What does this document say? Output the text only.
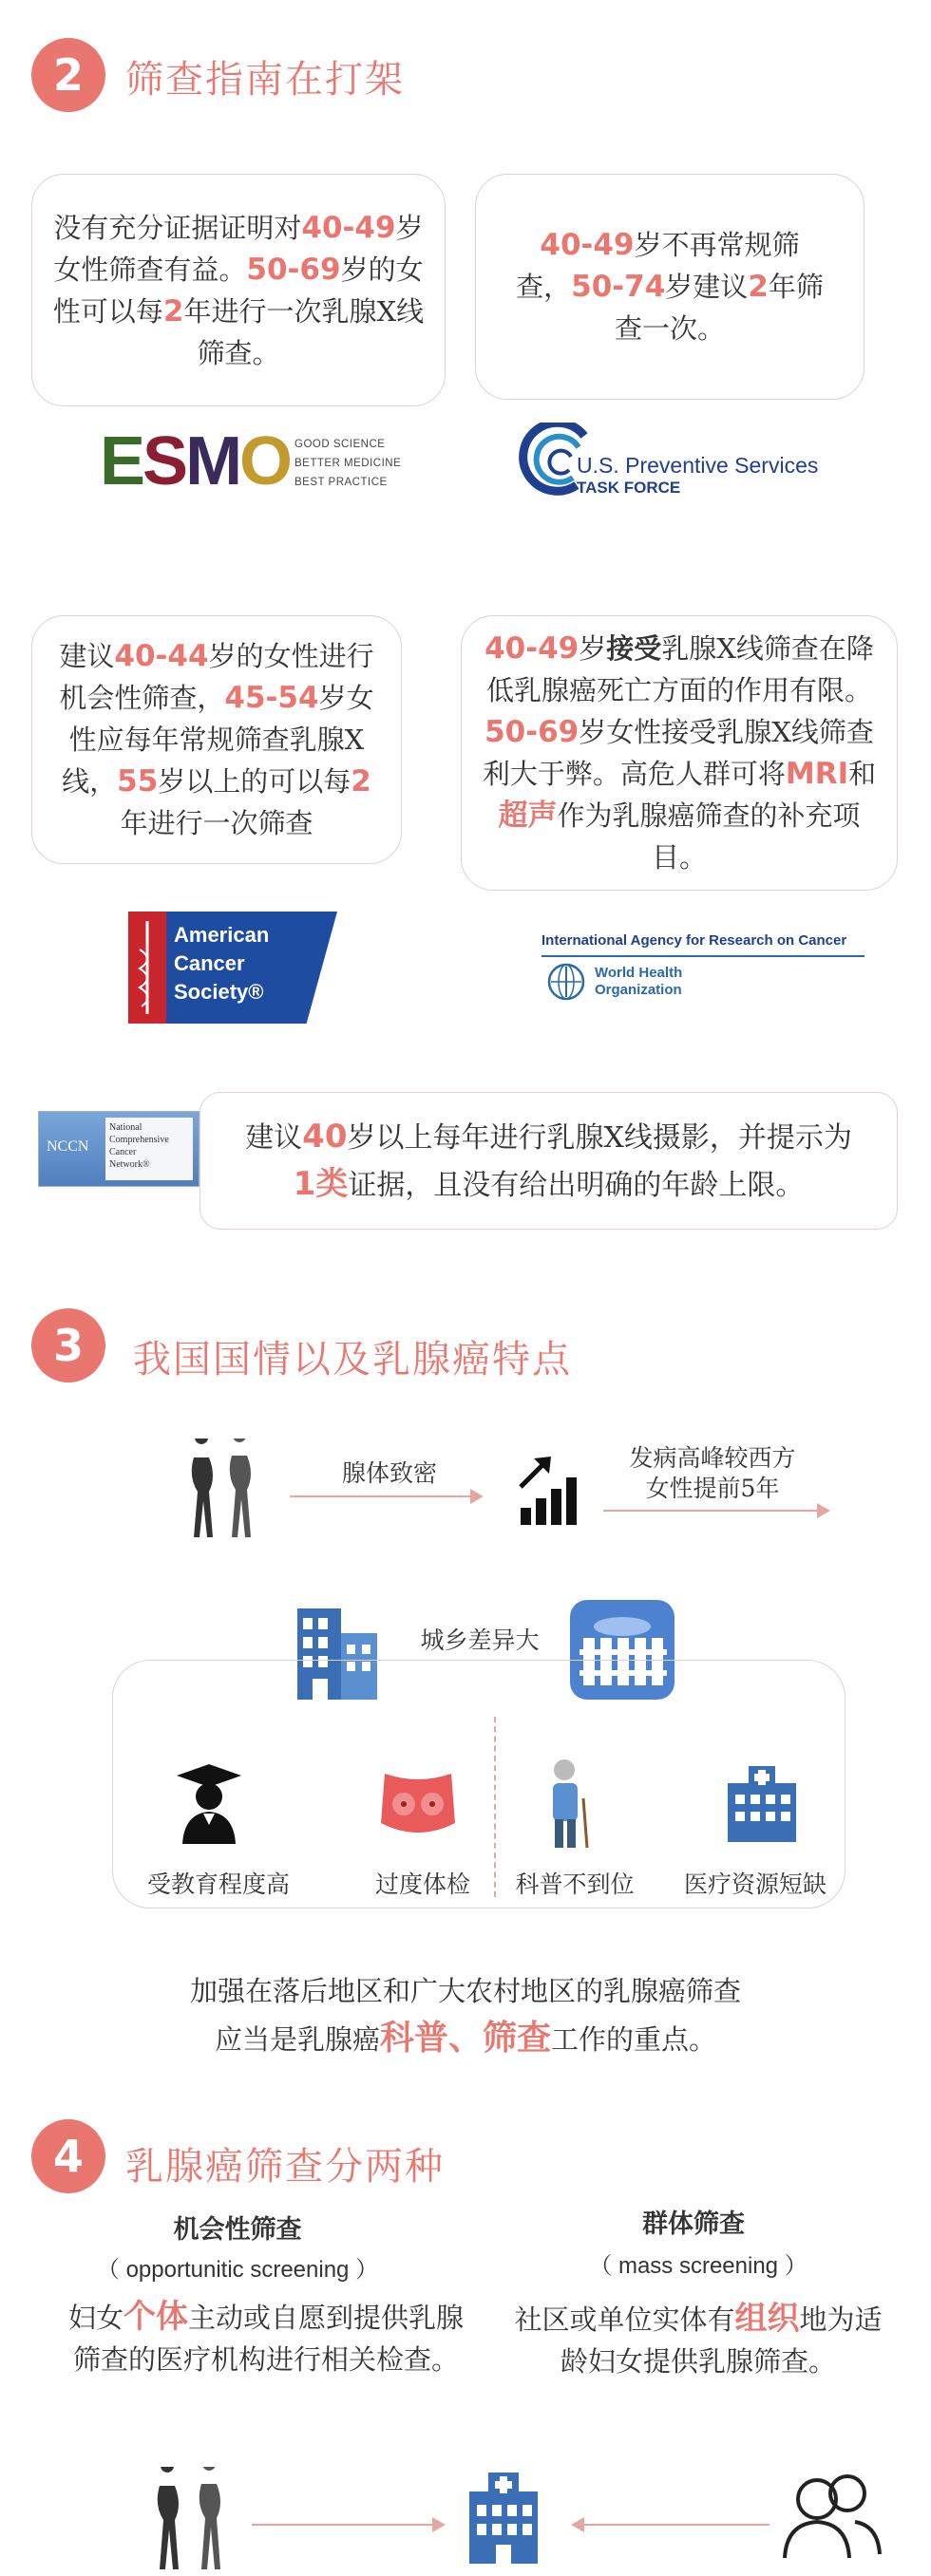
2	筛查指南在打架

没有充分证据证明对40-49岁女性筛查有益。50-69岁的女性可以每2年进行一次乳腺X线筛查。

40-49岁不再常规筛查，50-74岁建议2年筛查一次。

ESMO GOOD SCIENCE
BETTER MEDICINE
BEST PRACTICE
U.S. Preventive Services
TASK FORCE

建议40-44岁的女性进行机会性筛查，45-54岁女性应每年常规筛查乳腺X线，55岁以上的可以每2年进行一次筛查

40-49岁接受乳腺X线筛查在降低乳腺癌死亡方面的作用有限。50-69岁女性接受乳腺X线筛查利大于弊。高危人群可将MRI和超声作为乳腺癌筛查的补充项目。

American
Cancer
Society®
International Agency for Research on Cancer
World Health
Organization
NCCN
National
Comprehensive
Cancer
Network®

建议40岁以上每年进行乳腺X线摄影，并提示为
1类证据，且没有给出明确的年龄上限。

3	我国国情以及乳腺癌特点
腺体致密
发病高峰较西方
女性提前5年
城乡差异大
受教育程度高	过度体检	科普不到位	医疗资源短缺
加强在落后地区和广大农村地区的乳腺癌筛查
应当是乳腺癌科普、筛查工作的重点。
4	乳腺癌筛查分两种
机会性筛查
（ opportunitic screening ）
妇女个体主动或自愿到提供乳腺筛查的医疗机构进行相关检查。
群体筛查
（ mass screening ）
社区或单位实体有组织地为适龄妇女提供乳腺筛查。
